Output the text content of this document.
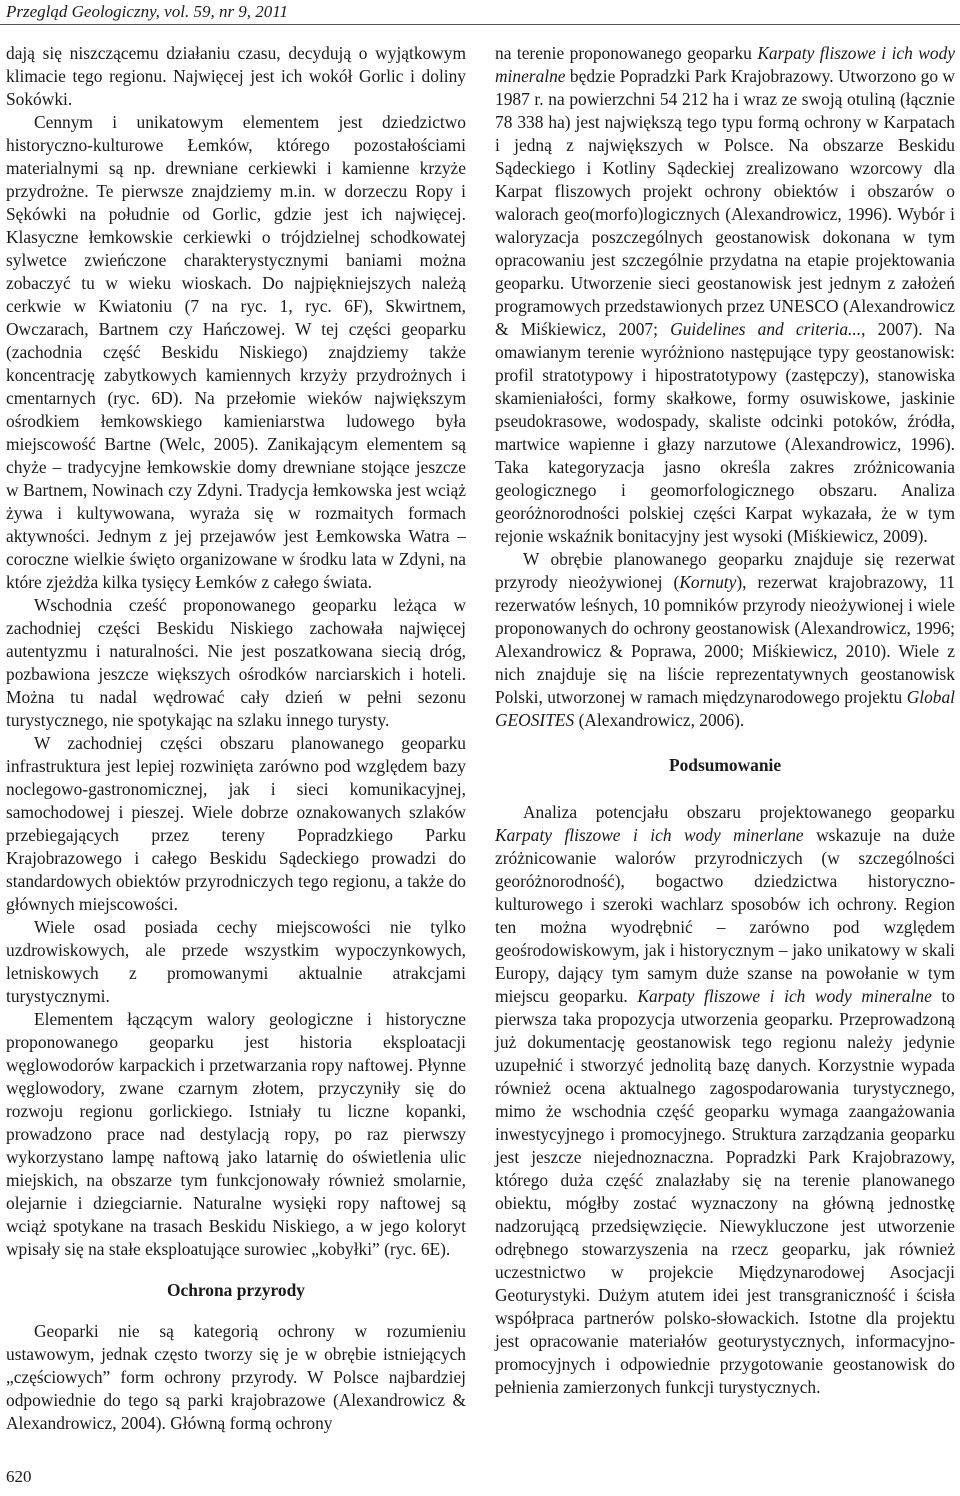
Przegląd Geologiczny, vol. 59, nr 9, 2011

dają się niszczącemu działaniu czasu, decydują o wyjątkowym klimacie tego regionu. Najwięcej jest ich wokół Gorlic i doliny Sokówki.

Cennym i unikatowym elementem jest dziedzictwo historyczno-kulturowe Łemków, którego pozostałościami materialnymi są np. drewniane cerkiewki i kamienne krzyże przydrożne. Te pierwsze znajdziemy m.in. w dorzeczu Ropy i Sękówki na południe od Gorlic, gdzie jest ich najwięcej. Klasyczne łemkowskie cerkiewki o trójdzielnej schodkowatej sylwetce zwieńczone charakterystycznymi baniami można zobaczyć tu w wieku wioskach. Do najpiękniejszych należą cerkwie w Kwiatoniu (7 na ryc. 1, ryc. 6F), Skwirtnem, Owczarach, Bartnem czy Hańczowej. W tej części geoparku (zachodnia część Beskidu Niskiego) znajdziemy także koncentrację zabytkowych kamiennych krzyży przydrożnych i cmentarnych (ryc. 6D). Na przełomie wieków największym ośrodkiem łemkowskiego kamieniarstwa ludowego była miejscowość Bartne (Welc, 2005). Zanikającym elementem są chyże – tradycyjne łemkowskie domy drewniane stojące jeszcze w Bartnem, Nowinach czy Zdyni. Tradycja łemkowska jest wciąż żywa i kultywowana, wyraża się w rozmaitych formach aktywności. Jednym z jej przejawów jest Łemkowska Watra – coroczne wielkie święto organizowane w środku lata w Zdyni, na które zjeżdża kilka tysięcy Łemków z całego świata.

Wschodnia cześć proponowanego geoparku leżąca w zachodniej części Beskidu Niskiego zachowała najwięcej autentyzmu i naturalności. Nie jest poszatkowana siecią dróg, pozbawiona jeszcze większych ośrodków narciarskich i hoteli. Można tu nadal wędrować cały dzień w pełni sezonu turystycznego, nie spotykając na szlaku innego turysty.

W zachodniej części obszaru planowanego geoparku infrastruktura jest lepiej rozwinięta zarówno pod względem bazy noclegowo-gastronomicznej, jak i sieci komunikacyjnej, samochodowej i pieszej. Wiele dobrze oznakowanych szlaków przebiegających przez tereny Popradzkiego Parku Krajobrazowego i całego Beskidu Sądeckiego prowadzi do standardowych obiektów przyrodniczych tego regionu, a także do głównych miejscowości.

Wiele osad posiada cechy miejscowości nie tylko uzdrowiskowych, ale przede wszystkim wypoczynkowych, letniskowych z promowanymi aktualnie atrakcjami turystycznymi.

Elementem łączącym walory geologiczne i historyczne proponowanego geoparku jest historia eksploatacji węglowodorów karpackich i przetwarzania ropy naftowej. Płynne węglowodory, zwane czarnym złotem, przyczyniły się do rozwoju regionu gorlickiego. Istniały tu liczne kopanki, prowadzono prace nad destylacją ropy, po raz pierwszy wykorzystano lampę naftową jako latarnię do oświetlenia ulic miejskich, na obszarze tym funkcjonowały również smolarnie, olejarnie i dziegciarnie. Naturalne wysięki ropy naftowej są wciąż spotykane na trasach Beskidu Niskiego, a w jego koloryt wpisały się na stałe eksploatujące surowiec „kobyłki” (ryc. 6E).

Ochrona przyrody

Geoparki nie są kategorią ochrony w rozumieniu ustawowym, jednak często tworzy się je w obrębie istniejących „częściowych” form ochrony przyrody. W Polsce najbardziej odpowiednie do tego są parki krajobrazowe (Alexandrowicz & Alexandrowicz, 2004). Główną formą ochrony

na terenie proponowanego geoparku Karpaty fliszowe i ich wody mineralne będzie Popradzki Park Krajobrazowy. Utworzono go w 1987 r. na powierzchni 54 212 ha i wraz ze swoją otuliną (łącznie 78 338 ha) jest największą tego typu formą ochrony w Karpatach i jedną z największych w Polsce. Na obszarze Beskidu Sądeckiego i Kotliny Sądeckiej zrealizowano wzorcowy dla Karpat fliszowych projekt ochrony obiektów i obszarów o walorach geo(morfo)logicznych (Alexandrowicz, 1996). Wybór i waloryzacja poszczególnych geostanowisk dokonana w tym opracowaniu jest szczególnie przydatna na etapie projektowania geoparku. Utworzenie sieci geostanowisk jest jednym z założeń programowych przedstawionych przez UNESCO (Alexandrowicz & Miśkiewicz, 2007; Guidelines and criteria..., 2007). Na omawianym terenie wyróżniono następujące typy geostanowisk: profil stratotypowy i hipostratotypowy (zastępczy), stanowiska skamieniałości, formy skałkowe, formy osuwiskowe, jaskinie pseudokrasowe, wodospady, skaliste odcinki potoków, źródła, martwice wapienne i głazy narzutowe (Alexandrowicz, 1996). Taka kategoryzacja jasno określa zakres zróżnicowania geologicznego i geomorfologicznego obszaru. Analiza georóżnorodności polskiej części Karpat wykazała, że w tym rejonie wskaźnik bonitacyjny jest wysoki (Miśkiewicz, 2009).

W obrębie planowanego geoparku znajduje się rezerwat przyrody nieożywionej (Kornuty), rezerwat krajobrazowy, 11 rezerwatów leśnych, 10 pomników przyrody nieożywionej i wiele proponowanych do ochrony geostanowisk (Alexandrowicz, 1996; Alexandrowicz & Poprawa, 2000; Miśkiewicz, 2010). Wiele z nich znajduje się na liście reprezentatywnych geostanowisk Polski, utworzonej w ramach międzynarodowego projektu Global GEOSITES (Alexandrowicz, 2006).

Podsumowanie

Analiza potencjału obszaru projektowanego geoparku Karpaty fliszowe i ich wody minerlane wskazuje na duże zróżnicowanie walorów przyrodniczych (w szczególności georóżnorodność), bogactwo dziedzictwa historyczno-kulturowego i szeroki wachlarz sposobów ich ochrony. Region ten można wyodrębnić – zarówno pod względem geośrodowiskowym, jak i historycznym – jako unikatowy w skali Europy, dający tym samym duże szanse na powołanie w tym miejscu geoparku. Karpaty fliszowe i ich wody mineralne to pierwsza taka propozycja utworzenia geoparku. Przeprowadzoną już dokumentację geostanowisk tego regionu należy jedynie uzupełnić i stworzyć jednolitą bazę danych. Korzystnie wypada również ocena aktualnego zagospodarowania turystycznego, mimo że wschodnia część geoparku wymaga zaangażowania inwestycyjnego i promocyjnego. Struktura zarządzania geoparku jest jeszcze niejednoznaczna. Popradzki Park Krajobrazowy, którego duża część znalazłaby się na terenie planowanego obiektu, mógłby zostać wyznaczony na główną jednostkę nadzorującą przedsięwzięcie. Niewykluczone jest utworzenie odrębnego stowarzyszenia na rzecz geoparku, jak również uczestnictwo w projekcie Międzynarodowej Asocjacji Geoturystyki. Dużym atutem idei jest transgraniczność i ścisła współpraca partnerów polsko-słowackich. Istotne dla projektu jest opracowanie materiałów geoturystycznych, informacyjno-promocyjnych i odpowiednie przygotowanie geostanowisk do pełnienia zamierzonych funkcji turystycznych.

620
